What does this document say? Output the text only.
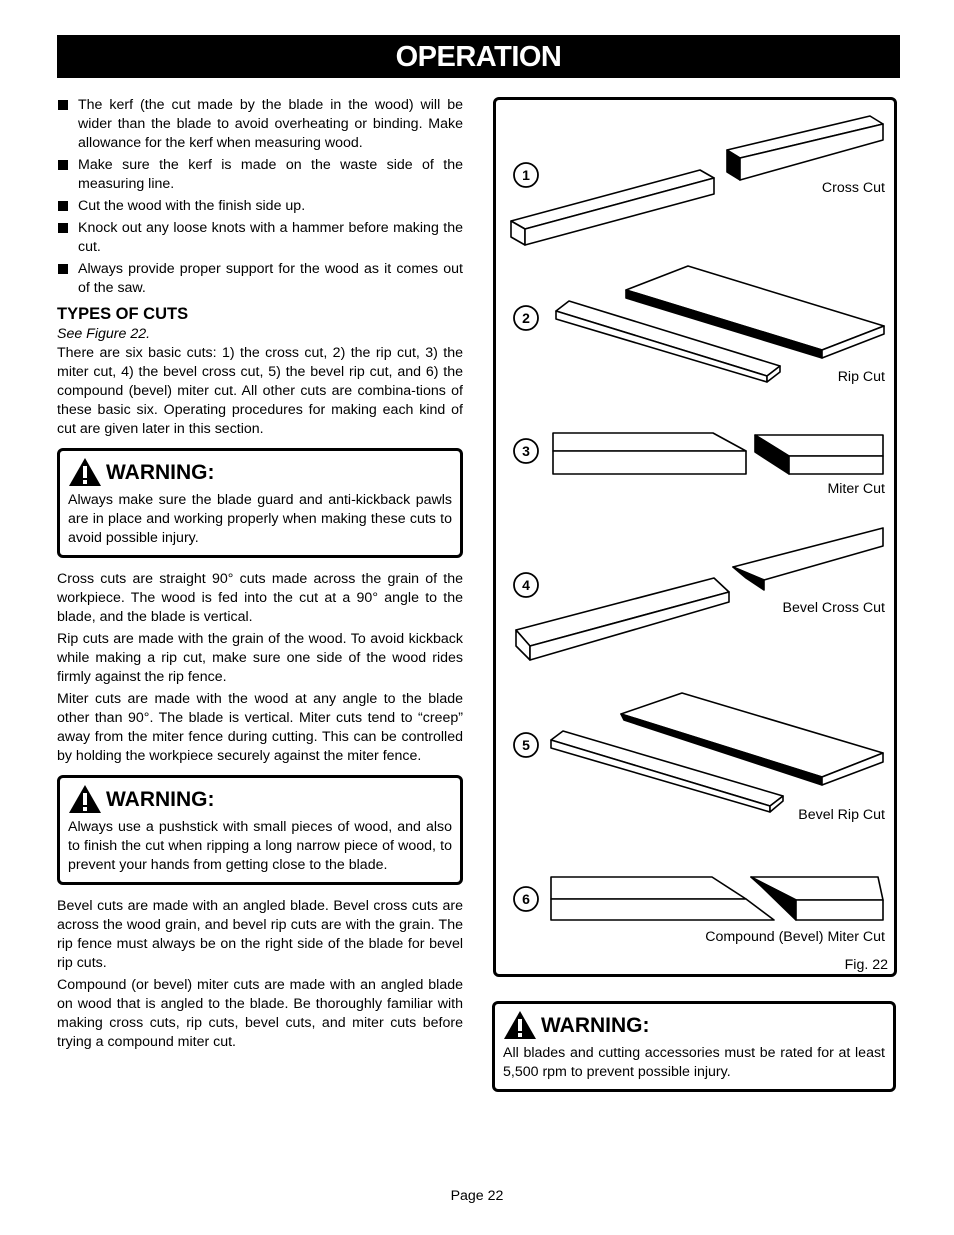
OPERATION
The kerf (the cut made by the blade in the wood) will be wider than the blade to avoid overheating or binding. Make allowance for the kerf when measuring wood.
Make sure the kerf is made on the waste side of the measuring line.
Cut the wood with the finish side up.
Knock out any loose knots with a hammer before making the cut.
Always provide proper support for the wood as it comes out of the saw.
TYPES OF CUTS

See Figure 22.

There are six basic cuts: 1) the cross cut, 2) the rip cut, 3) the miter cut, 4) the bevel cross cut, 5) the bevel rip cut, and 6) the compound (bevel) miter cut. All other cuts are combina-tions of these basic six. Operating procedures for making each kind of cut are given later in this section.

WARNING:

Always make sure the blade guard and anti-kickback pawls are in place and working properly when making these cuts to avoid possible injury.

Cross cuts are straight 90° cuts made across the grain of the workpiece. The wood is fed into the cut at a 90° angle to the blade, and the blade is vertical.

Rip cuts are made with the grain of the wood. To avoid kickback while making a rip cut, make sure one side of the wood rides firmly against the rip fence.

Miter cuts are made with the wood at any angle to the blade other than 90°. The blade is vertical. Miter cuts tend to “creep” away from the miter fence during cutting. This can be controlled by holding the workpiece securely against the miter fence.

WARNING:

Always use a pushstick with small pieces of wood, and also to finish the cut when ripping a long narrow piece of wood, to prevent your hands from getting close to the blade.

Bevel cuts are made with an angled blade. Bevel cross cuts are across the wood grain, and bevel rip cuts are with the grain. The rip fence must always be on the right side of the blade for bevel rip cuts.

Compound (or bevel) miter cuts are made with an angled blade on wood that is angled to the blade. Be thoroughly familiar with making cross cuts, rip cuts, bevel cuts, and miter cuts before trying a compound miter cut.

1
2
3
4
5
6
Cross Cut
Rip Cut
Miter Cut
Bevel Cross Cut
Bevel Rip Cut
Compound (Bevel) Miter Cut
Fig. 22
WARNING:

All blades and cutting accessories must be rated for at least 5,500 rpm to prevent possible injury.

Page 22
